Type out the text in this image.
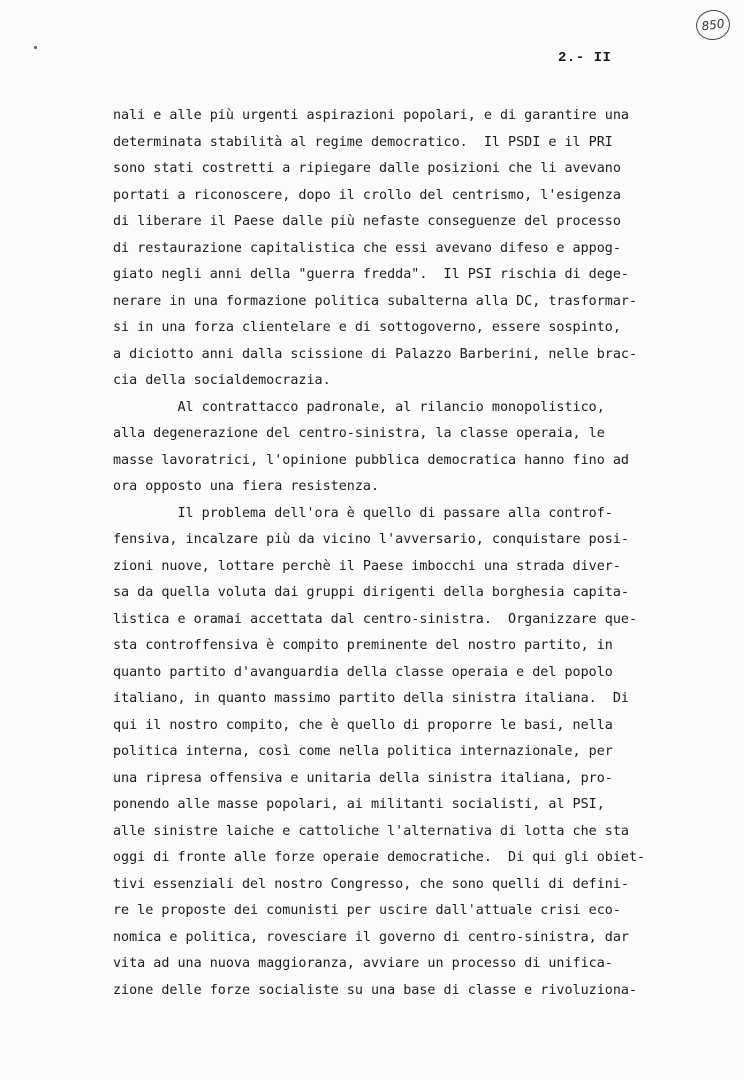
850
2.- II
nali e alle più urgenti aspirazioni popolari, e di garantire una
determinata stabilità al regime democratico.  Il PSDI e il PRI
sono stati costretti a ripiegare dalle posizioni che li avevano
portati a riconoscere, dopo il crollo del centrismo, l'esigenza
di liberare il Paese dalle più nefaste conseguenze del processo
di restaurazione capitalistica che essi avevano difeso e appog-
giato negli anni della "guerra fredda".  Il PSI rischia di dege-
nerare in una formazione politica subalterna alla DC, trasformar-
si in una forza clientelare e di sottogoverno, essere sospinto,
a diciotto anni dalla scissione di Palazzo Barberini, nelle brac-
cia della socialdemocrazia.
Al contrattacco padronale, al rilancio monopolistico,
alla degenerazione del centro-sinistra, la classe operaia, le
masse lavoratrici, l'opinione pubblica democratica hanno fino ad
ora opposto una fiera resistenza.
Il problema dell'ora è quello di passare alla controf-
fensiva, incalzare più da vicino l'avversario, conquistare posi-
zioni nuove, lottare perchè il Paese imbocchi una strada diver-
sa da quella voluta dai gruppi dirigenti della borghesia capita-
listica e oramai accettata dal centro-sinistra.  Organizzare que-
sta controffensiva è compito preminente del nostro partito, in
quanto partito d'avanguardia della classe operaia e del popolo
italiano, in quanto massimo partito della sinistra italiana.  Di
qui il nostro compito, che è quello di proporre le basi, nella
politica interna, così come nella politica internazionale, per
una ripresa offensiva e unitaria della sinistra italiana, pro-
ponendo alle masse popolari, ai militanti socialisti, al PSI,
alle sinistre laiche e cattoliche l'alternativa di lotta che sta
oggi di fronte alle forze operaie democratiche.  Di qui gli obiet-
tivi essenziali del nostro Congresso, che sono quelli di defini-
re le proposte dei comunisti per uscire dall'attuale crisi eco-
nomica e politica, rovesciare il governo di centro-sinistra, dar
vita ad una nuova maggioranza, avviare un processo di unifica-
zione delle forze socialiste su una base di classe e rivoluziona-
